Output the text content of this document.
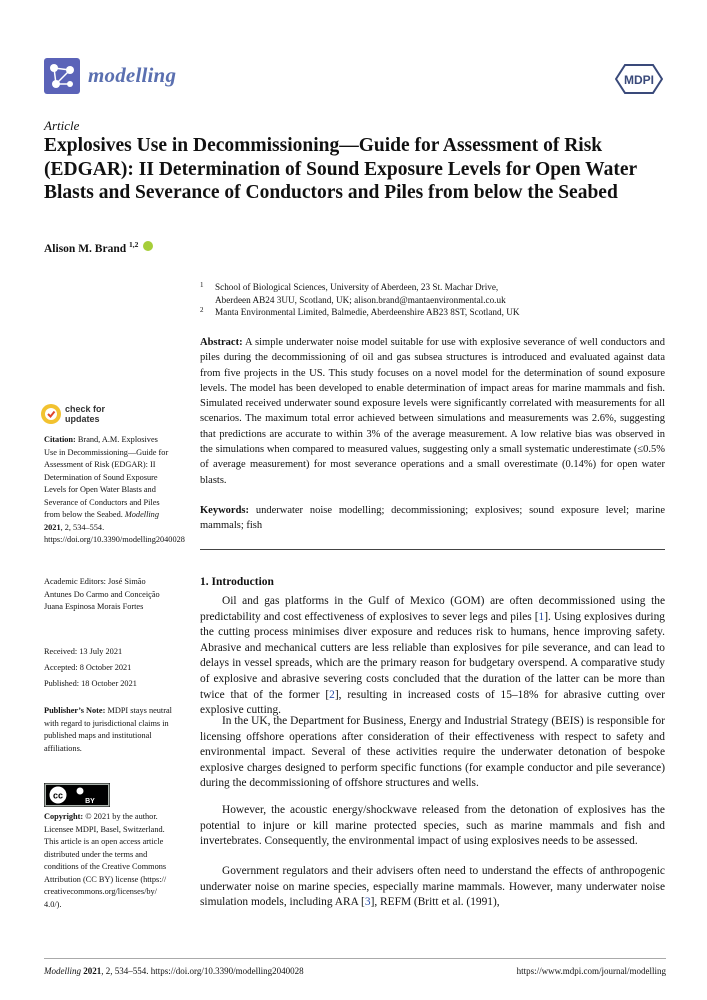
modelling	MDPI
Article
Explosives Use in Decommissioning—Guide for Assessment of Risk (EDGAR): II Determination of Sound Exposure Levels for Open Water Blasts and Severance of Conductors and Piles from below the Seabed
Alison M. Brand $^{1,2}$
1 School of Biological Sciences, University of Aberdeen, 23 St. Machar Drive,
Aberdeen AB24 3UU, Scotland, UK; alison.brand@mantaenvironmental.co.uk
2 Manta Environmental Limited, Balmedie, Aberdeenshire AB23 8ST, Scotland, UK
Abstract: A simple underwater noise model suitable for use with explosive severance of well conductors and piles during the decommissioning of oil and gas subsea structures is introduced and evaluated against data from five projects in the US. This study focuses on a novel model for the determination of sound exposure levels. The model has been developed to enable determination of impact areas for marine mammals and fish. Simulated received underwater sound exposure levels were significantly correlated with measurements for all scenarios. The maximum total error achieved between simulations and measurements was 2.6%, suggesting that predictions are accurate to within 3% of the average measurement. A low relative bias was observed in the simulations when compared to measured values, suggesting only a small systematic underestimate (≤0.5% of average measurement) for most severance operations and a small overestimate (0.14%) for open water blasts.
Keywords: underwater noise modelling; decommissioning; explosives; sound exposure level; marine mammals; fish
check for
updates
Citation: Brand, A.M. Explosives Use in Decommissioning—Guide for Assessment of Risk (EDGAR): II Determination of Sound Exposure Levels for Open Water Blasts and Severance of Conductors and Piles from below the Seabed. Modelling 2021, 2, 534–554. https://doi.org/10.3390/modelling2040028
Academic Editors: José Simão Antunes Do Carmo and Conceição Juana Espinosa Morais Fortes
Received: 13 July 2021
Accepted: 8 October 2021
Published: 18 October 2021
Publisher’s Note: MDPI stays neutral with regard to jurisdictional claims in published maps and institutional affiliations.
cc
BY
Copyright: © 2021 by the author. Licensee MDPI, Basel, Switzerland. This article is an open access article distributed under the terms and conditions of the Creative Commons Attribution (CC BY) license (https:// creativecommons.org/licenses/by/ 4.0/).
1. Introduction
Oil and gas platforms in the Gulf of Mexico (GOM) are often decommissioned using the predictability and cost effectiveness of explosives to sever legs and piles [1]. Using explosives during the cutting process minimises diver exposure and reduces risk to humans, hence improving safety. Abrasive and mechanical cutters are less reliable than explosives for pile severance, and can lead to delays in vessel spreads, which are the primary reason for budgetary overspend. A comparative study of explosive and abrasive severing costs concluded that the duration of the latter can be more than twice that of the former [2], resulting in increased costs of 15–18% for abrasive cutting over explosive cutting.
In the UK, the Department for Business, Energy and Industrial Strategy (BEIS) is responsible for licensing offshore operations after consideration of their effectiveness with respect to safety and environmental impact. Several of these activities require the underwater detonation of bespoke explosive charges designed to perform specific functions (for example conductor and pile severance) during the decommissioning of offshore structures and wells.
However, the acoustic energy/shockwave released from the detonation of explosives has the potential to injure or kill marine protected species, such as marine mammals and fish and invertebrates. Consequently, the environmental impact of using explosives needs to be assessed.
Government regulators and their advisers often need to understand the effects of anthropogenic underwater noise on marine species, especially marine mammals. However, many underwater noise simulation models, including ARA [3], REFM (Britt et al. (1991),
Modelling 2021, 2, 534–554. https://doi.org/10.3390/modelling2040028	https://www.mdpi.com/journal/modelling
